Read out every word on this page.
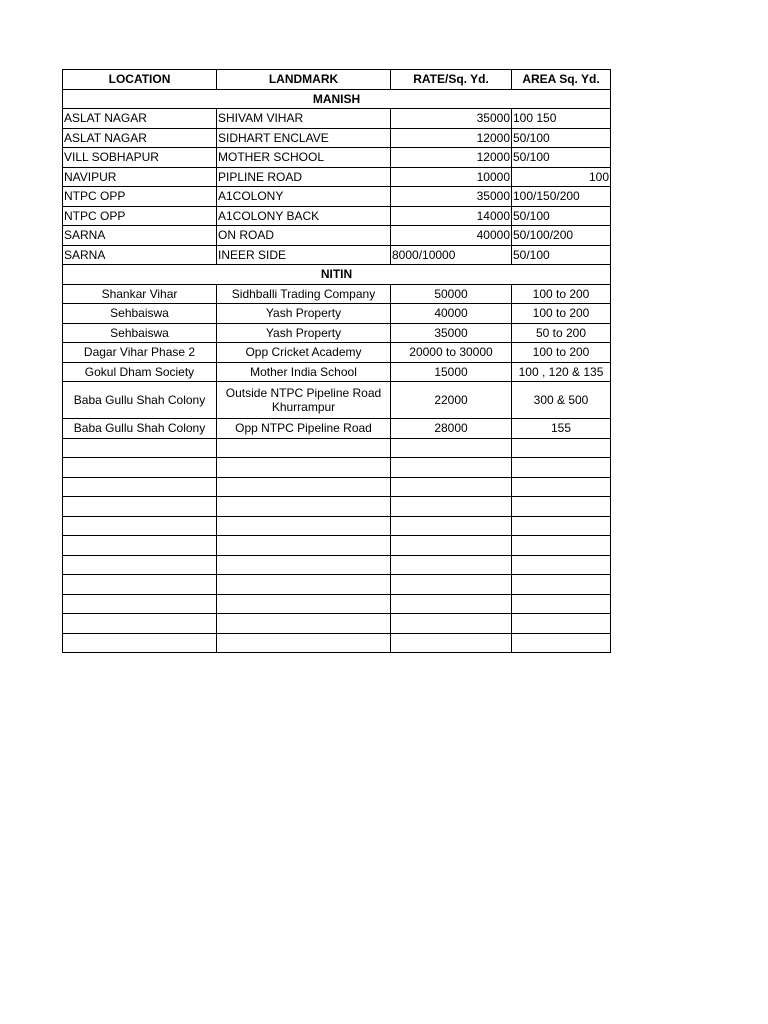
LOCATION	LANDMARK	RATE/Sq. Yd.	AREA Sq. Yd.
MANISH			
ASLAT NAGAR	SHIVAM VIHAR	35000	100 150
ASLAT NAGAR	SIDHART ENCLAVE	12000	50/100
VILL SOBHAPUR	MOTHER SCHOOL	12000	50/100
NAVIPUR	PIPLINE ROAD	10000	100
NTPC OPP	A1COLONY	35000	100/150/200
NTPC OPP	A1COLONY BACK	14000	50/100
SARNA	ON ROAD	40000	50/100/200
SARNA	INEER SIDE	8000/10000	50/100
NITIN			
Shankar Vihar	Sidhballi Trading Company	50000	100 to 200
Sehbaiswa	Yash Property	40000	100 to 200
Sehbaiswa	Yash Property	35000	50 to 200
Dagar Vihar Phase 2	Opp Cricket Academy	20000 to 30000	100 to 200
Gokul Dham Society	Mother India School	15000	100 , 120 & 135
Baba Gullu Shah Colony	Outside NTPC Pipeline Road Khurrampur	22000	300 & 500
Baba Gullu Shah Colony	Opp NTPC Pipeline Road	28000	155
